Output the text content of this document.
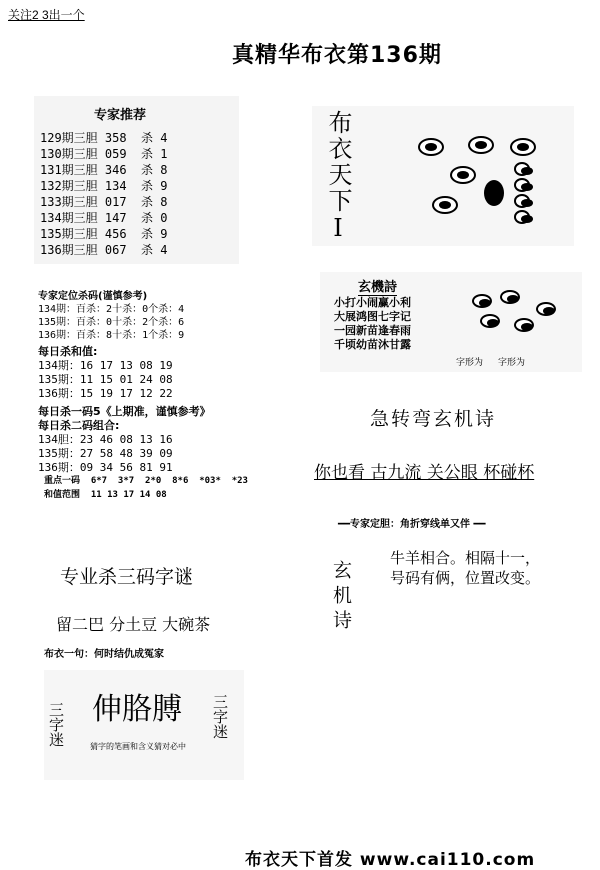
关注2 3出一个
真精华布衣第136期
专家推荐
129期三胆 358  杀 4
130期三胆 059  杀 1
131期三胆 346  杀 8
132期三胆 134  杀 9
133期三胆 017  杀 8
134期三胆 147  杀 0
135期三胆 456  杀 9
136期三胆 067  杀 4
专家定位杀码(谨慎参考)
134期：百杀：2十杀：0个杀：4
135期：百杀：0十杀：2个杀：6
136期：百杀：8十杀：1个杀：9
每日杀和值:
134期：16 17 13 08 19
135期：11 15 01 24 08
136期：15 19 17 12 22
每日杀一码5《上期准，谨慎参考》
每日杀二码组合:
134胆：23 46 08 13 16
135期：27 58 48 39 09
136期：09 34 56 81 91
重点一码  6*7  3*7  2*0  8*6  *03*  *23
和值范围  11 13 17 14 08
专业杀三码字谜
留二巴 分土豆 大碗茶
布衣一句：何时结仇成冤家
伸胳膊
猜字的笔画和含义猜对必中
三字迷	三字迷
布衣天下Ⅰ
玄機詩
小打小闹赢小利
大展鸿图七字记
一园新苗逢春雨
千顷幼苗沐甘露
字形为 字形为
急转弯玄机诗
你也看 古九流 关公眼 杯碰杯
━━专家定胆：角折穿线单又伴 ━━
玄机诗
牛羊相合。相隔十一，
号码有俩，位置改变。
布衣天下首发 www.cai110.com
